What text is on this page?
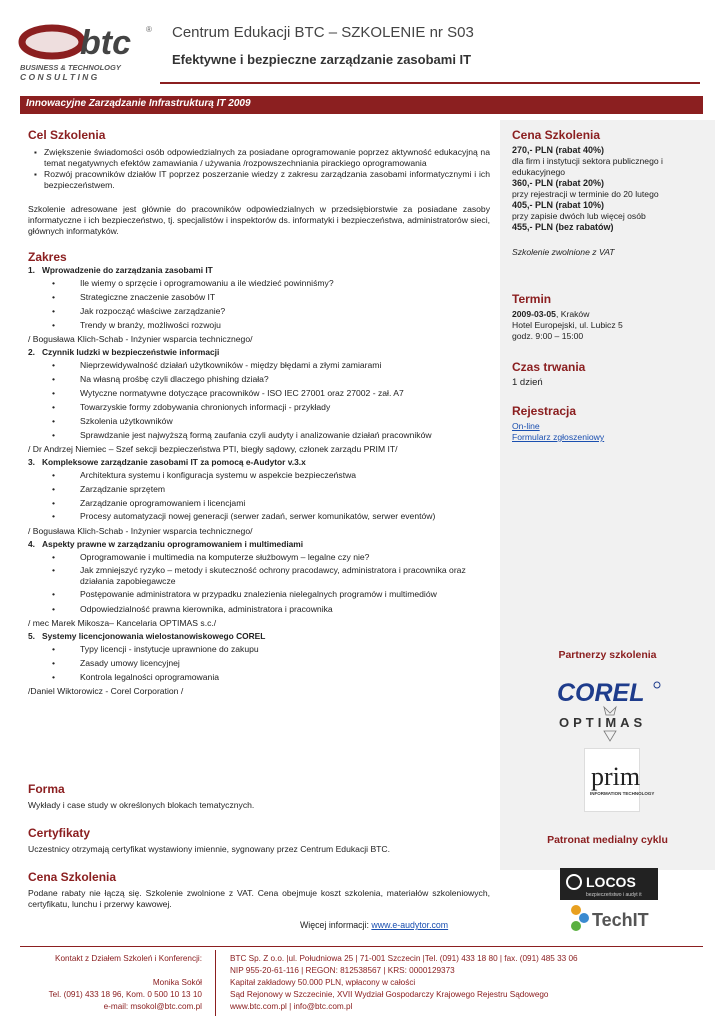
btc ®
BUSINESS & TECHNOLOGY
C O N S U L T I N G
Centrum Edukacji BTC – SZKOLENIE nr S03
Efektywne i bezpieczne zarządzanie zasobami IT
Innowacyjne Zarządzanie Infrastrukturą IT 2009
Cel Szkolenia
▪ Zwiększenie świadomości osób odpowiedzialnych za posiadane oprogramowanie poprzez aktywność edukacyjną na temat negatywnych efektów zamawiania / używania /rozpowszechniania pirackiego oprogramowania
▪ Rozwój pracowników działów IT poprzez poszerzanie wiedzy z zakresu zarządzania zasobami informatycznymi i ich bezpieczeństwem.

Szkolenie adresowane jest głównie do pracowników odpowiedzialnych w przedsiębiorstwie za posiadane zasoby informatyczne i ich bezpieczeństwo, tj. specjalistów i inspektorów ds. informatyki i bezpieczeństwa, administratorów sieci, głównych informatyków.

Zakres
1. Wprowadzenie do zarządzania zasobami IT
• Ile wiemy o sprzęcie i oprogramowaniu a ile wiedzieć powinniśmy?
• Strategiczne znaczenie zasobów IT
• Jak rozpocząć właściwe zarządzanie?
• Trendy w branży, możliwości rozwoju
/ Bogusława Klich-Schab - Inżynier wsparcia technicznego/
2. Czynnik ludzki w bezpieczeństwie informacji
• Nieprzewidywalność działań użytkowników - między błędami a złymi zamiarami
• Na własną prośbę czyli dlaczego phishing działa?
• Wytyczne normatywne dotyczące pracowników - ISO IEC 27001 oraz 27002 - zał. A7
• Towarzyskie formy zdobywania chronionych informacji - przykłady
• Szkolenia użytkowników
• Sprawdzanie jest najwyższą formą zaufania czyli audyty i analizowanie działań pracowników
/ Dr Andrzej Niemiec – Szef sekcji bezpieczeństwa PTI, biegły sądowy, członek zarządu PRIM IT/
3. Kompleksowe zarządzanie zasobami IT za pomocą e-Audytor v.3.x
• Architektura systemu i konfiguracja systemu w aspekcie bezpieczeństwa
• Zarządzanie sprzętem
• Zarządzanie oprogramowaniem i licencjami
• Procesy automatyzacji nowej generacji (serwer zadań, serwer komunikatów, serwer eventów)
/ Bogusława Klich-Schab - Inżynier wsparcia technicznego/
4. Aspekty prawne w zarządzaniu oprogramowaniem i multimediami
• Oprogramowanie i multimedia na komputerze służbowym – legalne czy nie?
• Jak zmniejszyć ryzyko – metody i skuteczność ochrony pracodawcy, administratora i pracownika oraz działania zapobiegawcze
• Postępowanie administratora w przypadku znalezienia nielegalnych programów i multimediów
• Odpowiedzialność prawna kierownika, administratora i pracownika
/ mec Marek Mikosza– Kancelaria OPTIMAS s.c./
5. Systemy licencjonowania wielostanowiskowego COREL
• Typy licencji - instytucje uprawnione do zakupu
• Zasady umowy licencyjnej
• Kontrola legalności oprogramowania
/Daniel Wiktorowicz - Corel Corporation /
Forma

Wykłady i case study w określonych blokach tematycznych.

Certyfikaty

Uczestnicy otrzymają certyfikat wystawiony imiennie, sygnowany przez Centrum Edukacji BTC.

Cena Szkolenia

Podane rabaty nie łączą się. Szkolenie zwolnione z VAT. Cena obejmuje koszt szkolenia, materiałów szkoleniowych, certyfikatu, lunchu i przerwy kawowej.

Więcej informacji: www.e-audytor.com
Cena Szkolenia
270,- PLN (rabat 40%)
dla firm i instytucji sektora publicznego i edukacyjnego
360,- PLN (rabat 20%)
przy rejestracji w terminie do 20 lutego
405,- PLN (rabat 10%)
przy zapisie dwóch lub więcej osób
455,- PLN (bez rabatów)
Szkolenie zwolnione z VAT
Termin
2009-03-05, Kraków
Hotel Europejski, ul. Lubicz 5
godz. 9:00 – 15:00
Czas trwania
1 dzień
Rejestracja
On-line
Formularz zgłoszeniowy
Partnerzy szkolenia
COREL
OPTIMAS
prim
INFORMATION TECHNOLOGY
Patronat medialny cyklu
LOCOS
bezpieczeństwo i audyt it
TechIT
Kontakt z Działem Szkoleń i Konferencji:
Monika Sokół
Tel. (091) 433 18 96, Kom. 0 500 10 13 10
e-mail: msokol@btc.com.pl
BTC Sp. Z o.o. |ul. Południowa 25 | 71-001 Szczecin |Tel. (091) 433 18 80 | fax. (091) 485 33 06
NIP 955-20-61-116 | REGON: 812538567 | KRS: 0000129373
Kapitał zakładowy 50.000 PLN, wpłacony w całości
Sąd Rejonowy w Szczecinie, XVII Wydział Gospodarczy Krajowego Rejestru Sądowego
www.btc.com.pl | info@btc.com.pl
